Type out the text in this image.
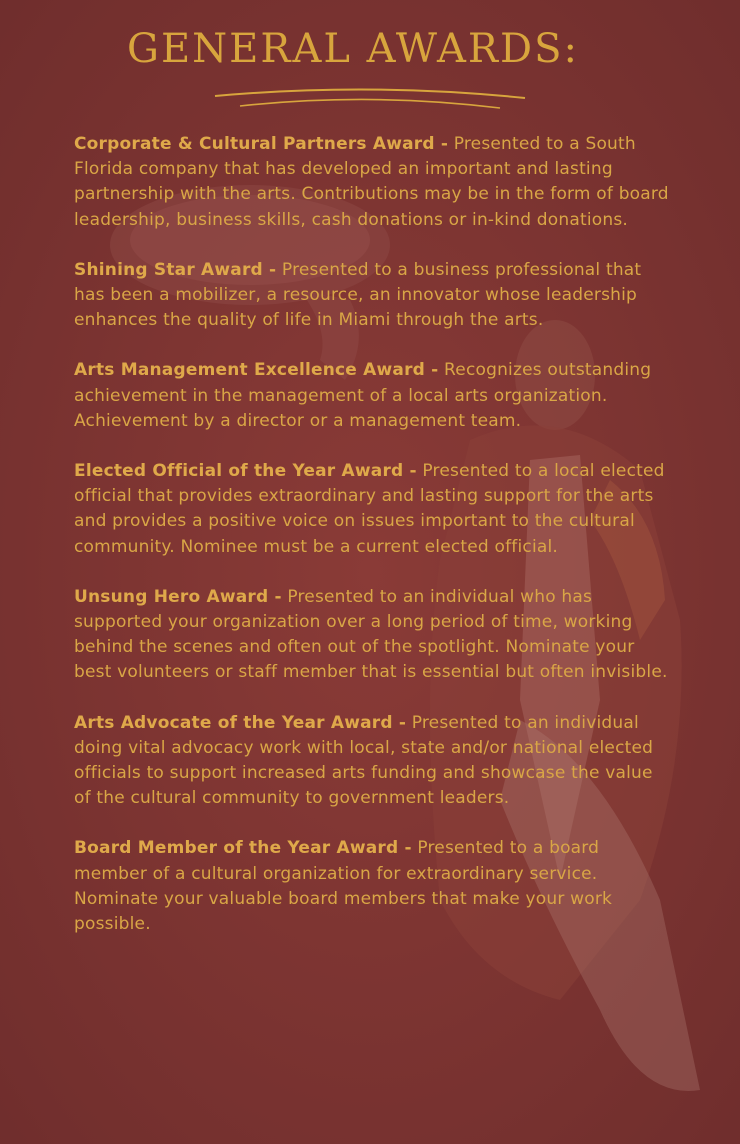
GENERAL AWARDS:

Corporate & Cultural Partners Award - Presented to a South Florida company that has developed an important and lasting partnership with the arts. Contributions may be in the form of board leadership, business skills, cash donations or in-kind donations.

Shining Star Award - Presented to a business professional that has been a mobilizer, a resource, an innovator whose leadership enhances the quality of life in Miami through the arts.

Arts Management Excellence Award - Recognizes outstanding achievement in the management of a local arts organization. Achievement by a director or a management team.

Elected Official of the Year Award - Presented to a local elected official that provides extraordinary and lasting support for the arts and provides a positive voice on issues important to the cultural community. Nominee must be a current elected official.

Unsung Hero Award - Presented to an individual who has supported your organization over a long period of time, working behind the scenes and often out of the spotlight. Nominate your best volunteers or staff member that is essential but often invisible.

Arts Advocate of the Year Award - Presented to an individual doing vital advocacy work with local, state and/or national elected officials to support increased arts funding and showcase the value of the cultural community to government leaders.

Board Member of the Year Award - Presented to a board member of a cultural organization for extraordinary service. Nominate your valuable board members that make your work possible.
